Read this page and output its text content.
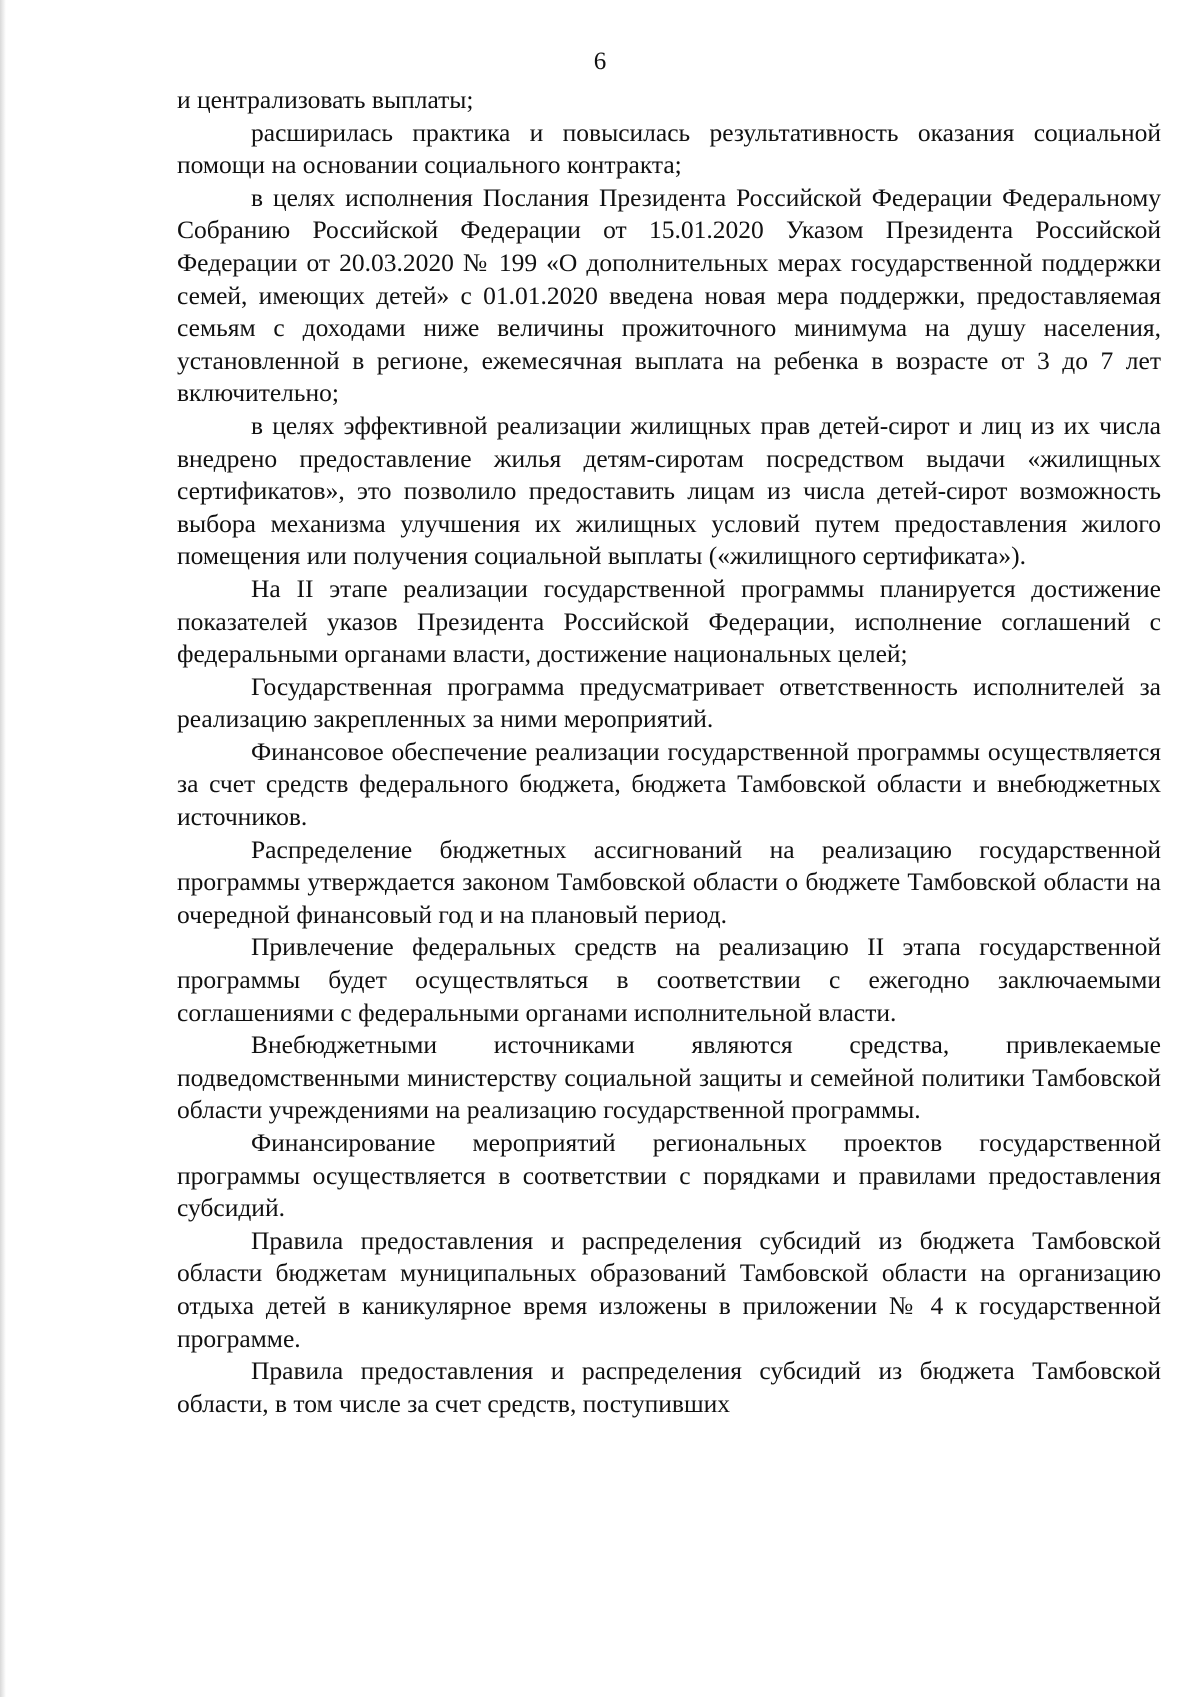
6

и централизовать выплаты;

расширилась практика и повысилась результативность оказания социальной помощи на основании социального контракта;

в целях исполнения Послания Президента Российской Федерации Федеральному Собранию Российской Федерации от 15.01.2020 Указом Президента Российской Федерации от 20.03.2020 № 199 «О дополнительных мерах государственной поддержки семей, имеющих детей» с 01.01.2020 введена новая мера поддержки, предоставляемая семьям с доходами ниже величины прожиточного минимума на душу населения, установленной в регионе, ежемесячная выплата на ребенка в возрасте от 3 до 7 лет включительно;

в целях эффективной реализации жилищных прав детей-сирот и лиц из их числа внедрено предоставление жилья детям-сиротам посредством выдачи «жилищных сертификатов», это позволило предоставить лицам из числа детей-сирот возможность выбора механизма улучшения их жилищных условий путем предоставления жилого помещения или получения социальной выплаты («жилищного сертификата»).

На II этапе реализации государственной программы планируется достижение показателей указов Президента Российской Федерации, исполнение соглашений с федеральными органами власти, достижение национальных целей;

Государственная программа предусматривает ответственность исполнителей за реализацию закрепленных за ними мероприятий.

Финансовое обеспечение реализации государственной программы осуществляется за счет средств федерального бюджета, бюджета Тамбовской области и внебюджетных источников.

Распределение бюджетных ассигнований на реализацию государственной программы утверждается законом Тамбовской области о бюджете Тамбовской области на очередной финансовый год и на плановый период.

Привлечение федеральных средств на реализацию II этапа государственной программы будет осуществляться в соответствии с ежегодно заключаемыми соглашениями с федеральными органами исполнительной власти.

Внебюджетными источниками являются средства, привлекаемые подведомственными министерству социальной защиты и семейной политики Тамбовской области учреждениями на реализацию государственной программы.

Финансирование мероприятий региональных проектов государственной программы осуществляется в соответствии с порядками и правилами предоставления субсидий.

Правила предоставления и распределения субсидий из бюджета Тамбовской области бюджетам муниципальных образований Тамбовской области на организацию отдыха детей в каникулярное время изложены в приложении № 4 к государственной программе.

Правила предоставления и распределения субсидий из бюджета Тамбовской области, в том числе за счет средств, поступивших
